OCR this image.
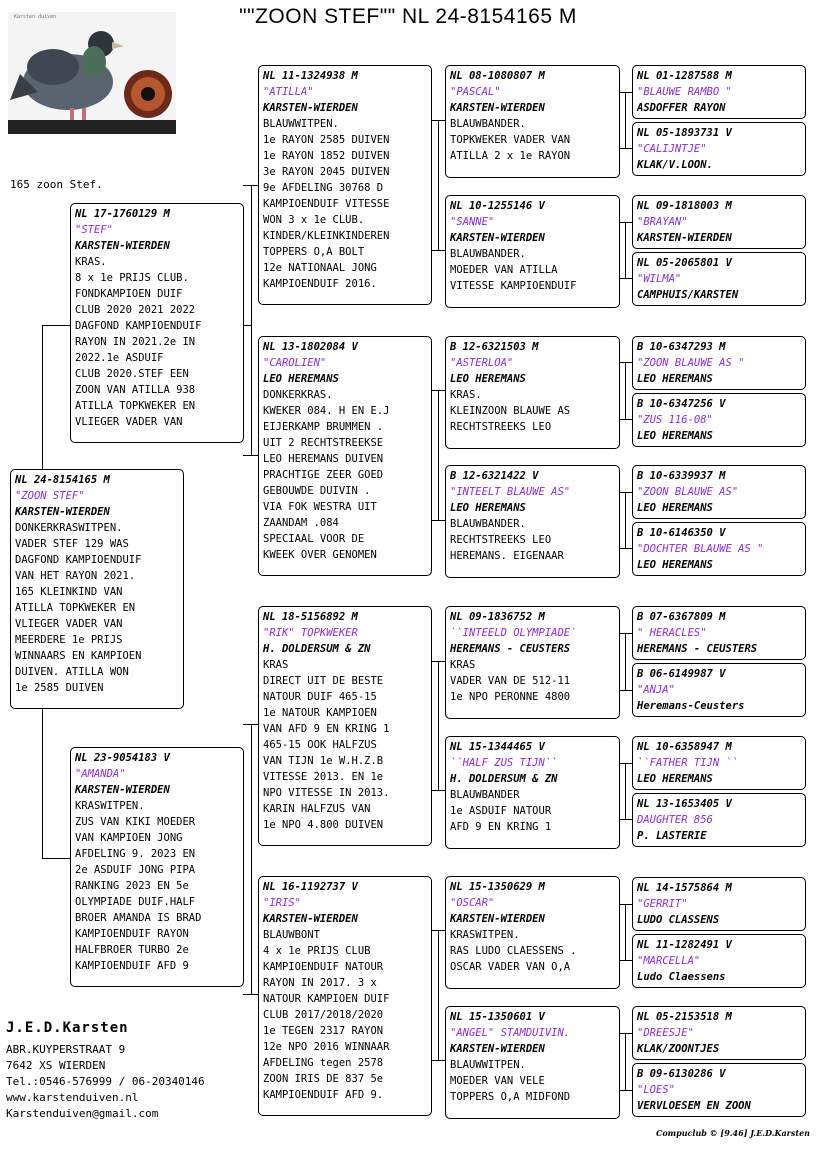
""ZOON STEF"" NL 24-8154165 M
Karsten duiven
165 zoon Stef.
NL 24-8154165 M
"ZOON STEF"
KARSTEN-WIERDEN
DONKERKRASWITPEN.
VADER STEF 129 WAS
DAGFOND KAMPIOENDUIF
VAN HET RAYON 2021.
165 KLEINKIND VAN
ATILLA TOPKWEKER EN
VLIEGER VADER VAN
MEERDERE 1e PRIJS
WINNAARS EN KAMPIOEN
DUIVEN. ATILLA WON
1e 2585 DUIVEN
NL 17-1760129 M
"STEF"
KARSTEN-WIERDEN
KRAS.
8 x 1e PRIJS CLUB.
FONDKAMPIOEN DUIF
CLUB 2020 2021 2022
DAGFOND KAMPIOENDUIF
RAYON IN 2021.2e IN
2022.1e ASDUIF
CLUB 2020.STEF EEN
ZOON VAN ATILLA 938
ATILLA TOPKWEKER EN
VLIEGER VADER VAN
NL 23-9054183 V
"AMANDA"
KARSTEN-WIERDEN
KRASWITPEN.
ZUS VAN KIKI MOEDER
VAN KAMPIOEN JONG
AFDELING 9. 2023 EN
2e ASDUIF JONG PIPA
RANKING 2023 EN 5e
OLYMPIADE DUIF.HALF
BROER AMANDA IS BRAD
KAMPIOENDUIF RAYON
HALFBROER TURBO 2e
KAMPIOENDUIF AFD 9
NL 11-1324938 M
"ATILLA"
KARSTEN-WIERDEN
BLAUWWITPEN.
1e RAYON 2585 DUIVEN
1e RAYON 1852 DUIVEN
3e RAYON 2045 DUIVEN
9e AFDELING 30768 D
KAMPIOENDUIF VITESSE
WON 3 x 1e CLUB.
KINDER/KLEINKINDEREN
TOPPERS O,A BOLT
12e NATIONAAL JONG
KAMPIOENDUIF 2016.
NL 13-1802084 V
"CAROLIEN"
LEO HEREMANS
DONKERKRAS.
KWEKER 084. H EN E.J
EIJERKAMP BRUMMEN .
UIT 2 RECHTSTREEKSE
LEO HEREMANS DUIVEN
PRACHTIGE ZEER GOED
GEBOUWDE DUIVIN .
VIA FOK WESTRA UIT
ZAANDAM .084
SPECIAAL VOOR DE
KWEEK OVER GENOMEN
NL 18-5156892 M
"RIK" TOPKWEKER
H. DOLDERSUM & ZN
KRAS
DIRECT UIT DE BESTE
NATOUR DUIF 465-15
1e NATOUR KAMPIOEN
VAN AFD 9 EN KRING 1
465-15 OOK HALFZUS
VAN TIJN 1e W.H.Z.B
VITESSE 2013. EN 1e
NPO VITESSE IN 2013.
KARIN HALFZUS VAN
1e NPO 4.800 DUIVEN
NL 16-1192737 V
"IRIS"
KARSTEN-WIERDEN
BLAUWBONT
4 x 1e PRIJS CLUB
KAMPIOENDUIF NATOUR
RAYON IN 2017. 3 x
NATOUR KAMPIOEN DUIF
CLUB 2017/2018/2020
1e TEGEN 2317 RAYON
12e NPO 2016 WINNAAR
AFDELING tegen 2578
ZOON IRIS DE 837 5e
KAMPIOENDUIF AFD 9.
NL 08-1080807 M
"PASCAL"
KARSTEN-WIERDEN
BLAUWBANDER.
TOPKWEKER VADER VAN
ATILLA 2 x 1e RAYON
NL 10-1255146 V
"SANNE"
KARSTEN-WIERDEN
BLAUWBANDER.
MOEDER VAN ATILLA
VITESSE KAMPIOENDUIF
B 12-6321503 M
"ASTERLOA"
LEO HEREMANS
KRAS.
KLEINZOON BLAUWE AS
RECHTSTREEKS LEO
B 12-6321422 V
"INTEELT BLAUWE AS"
LEO HEREMANS
BLAUWBANDER.
RECHTSTREEKS LEO
HEREMANS. EIGENAAR
NL 09-1836752 M
``INTEELD OLYMPIADE`
HEREMANS - CEUSTERS
KRAS
VADER VAN DE 512-11
1e NPO PERONNE 4800
NL 15-1344465 V
``HALF ZUS TIJN``
H. DOLDERSUM & ZN
BLAUWBANDER
1e ASDUIF NATOUR
AFD 9 EN KRING 1
NL 15-1350629 M
"OSCAR"
KARSTEN-WIERDEN
KRASWITPEN.
RAS LUDO CLAESSENS .
OSCAR VADER VAN O,A
NL 15-1350601 V
"ANGEL" STAMDUIVIN.
KARSTEN-WIERDEN
BLAUWWITPEN.
MOEDER VAN VELE
TOPPERS O,A MIDFOND
NL 01-1287588 M
"BLAUWE RAMBO "
ASDOFFER RAYON
NL 05-1893731 V
"CALIJNTJE"
KLAK/V.LOON.
NL 09-1818003 M
"BRAYAN"
KARSTEN-WIERDEN
NL 05-2065801 V
"WILMA"
CAMPHUIS/KARSTEN
B 10-6347293 M
"ZOON BLAUWE AS "
LEO HEREMANS
B 10-6347256 V
"ZUS 116-08"
LEO HEREMANS
B 10-6339937 M
"ZOON BLAUWE AS"
LEO HEREMANS
B 10-6146350 V
"DOCHTER BLAUWE AS "
LEO HEREMANS
B 07-6367809 M
" HERACLES"
HEREMANS - CEUSTERS
B 06-6149987 V
"ANJA"
Heremans-Ceusters
NL 10-6358947 M
``FATHER TIJN ``
LEO HEREMANS
NL 13-1653405 V
DAUGHTER 856
P. LASTERIE
NL 14-1575864 M
"GERRIT"
LUDO CLASSENS
NL 11-1282491 V
"MARCELLA"
Ludo Claessens
NL 05-2153518 M
"DREESJE"
KLAK/ZOONTJES
B 09-6130286 V
"LOES"
VERVLOESEM EN ZOON
J.E.D.Karsten
ABR.KUYPERSTRAAT 9
7642 XS WIERDEN
Tel.:0546-576999 / 06-20340146
www.karstenduiven.nl
Karstenduiven@gmail.com
Compuclub © [9.46] J.E.D.Karsten
